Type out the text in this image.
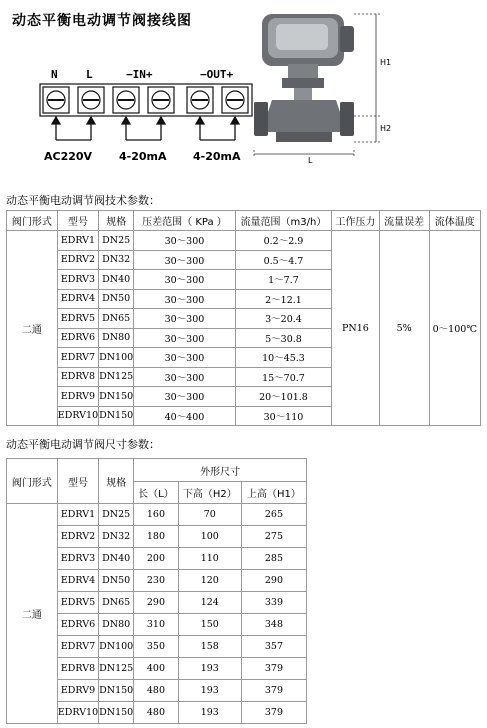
动态平衡电动调节阀接线图
N	L	−IN+	−OUT+
H1
H2
L
AC220V 4-20mA 4-20mA
动态平衡电动调节阀技术参数：
阀门形式	型号	规格	压差范围（ KPa ）	流量范围（m3/h）	工作压力	流量误差	流体温度
二通	EDRV1	DN25	30～300	0.2～2.9	PN16	5%	0～100℃
	EDRV2	DN32	30～300	0.5～4.7			
	EDRV3	DN40	30～300	1～7.7			
	EDRV4	DN50	30～300	2～12.1			
	EDRV5	DN65	30～300	3～20.4			
	EDRV6	DN80	30～300	5～30.8			
	EDRV7	DN100	30～300	10～45.3			
	EDRV8	DN125	30～300	15～70.7			
	EDRV9	DN150	30～300	20～101.8			
	EDRV10	DN150	40～400	30～110			
动态平衡电动调节阀尺寸参数：
阀门形式	型号	规格	外形尺寸		
			长（L）	下高（H2）	上高（H1）
二通	EDRV1	DN25	160	70	265
	EDRV2	DN32	180	100	275
	EDRV3	DN40	200	110	285
	EDRV4	DN50	230	120	290
	EDRV5	DN65	290	124	339
	EDRV6	DN80	310	150	348
	EDRV7	DN100	350	158	357
	EDRV8	DN125	400	193	379
	EDRV9	DN150	480	193	379
	EDRV10	DN150	480	193	379
